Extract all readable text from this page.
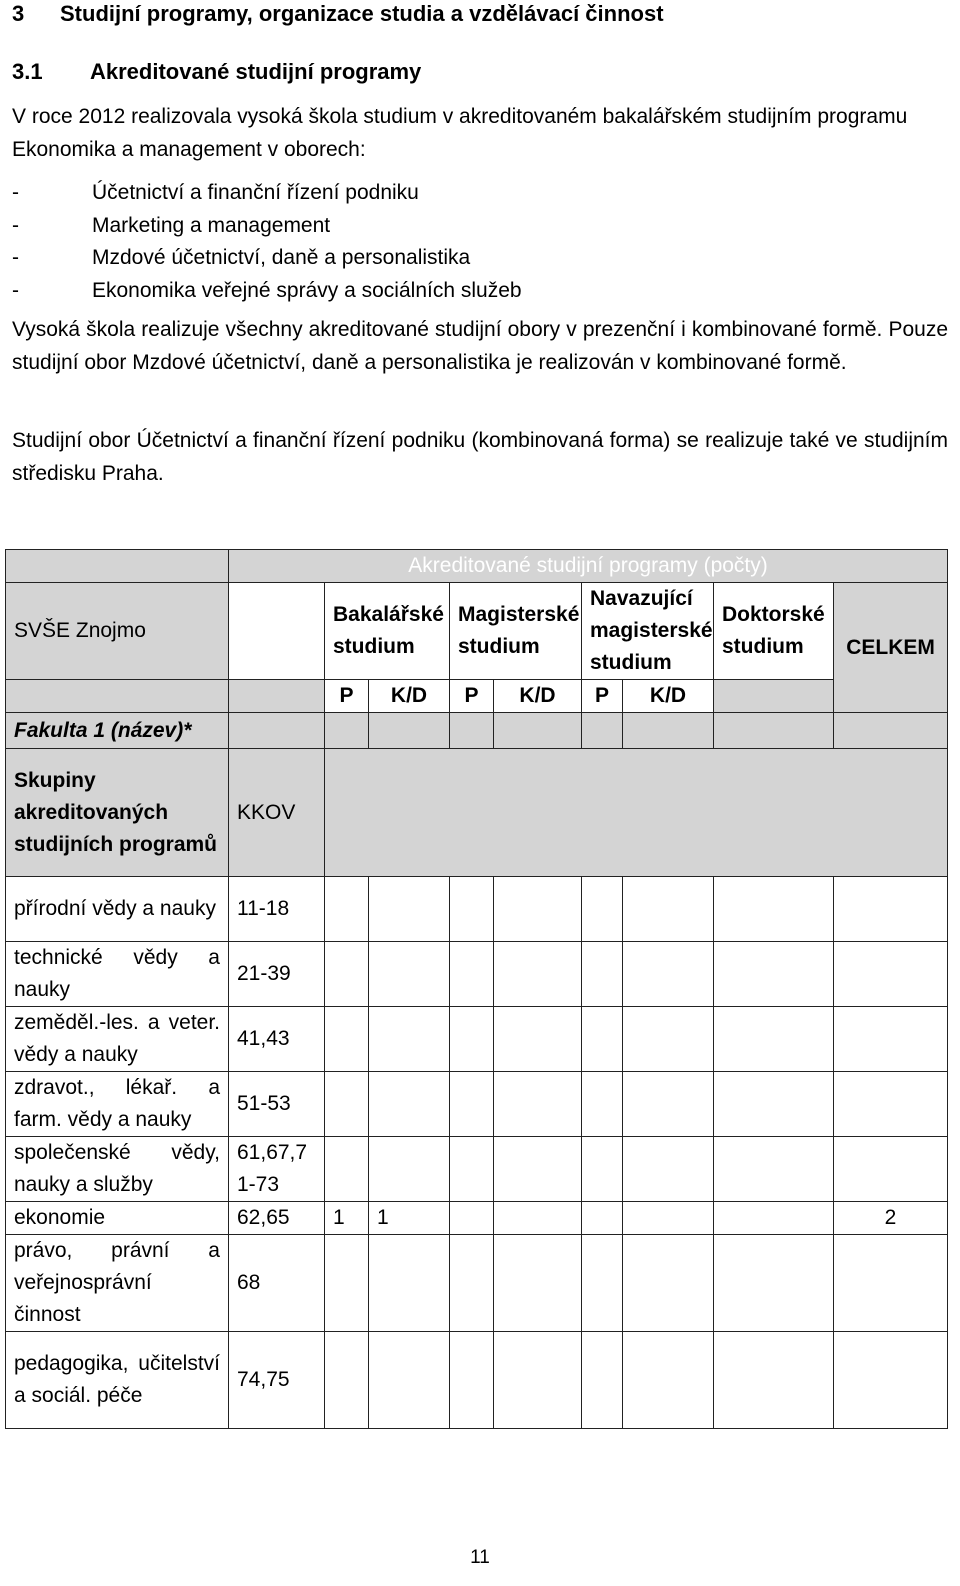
3 Studijní programy, organizace studia a vzdělávací činnost
3.1 Akreditované studijní programy

V roce 2012 realizovala vysoká škola studium v akreditovaném bakalářském studijním programu Ekonomika a management v oborech:

-	Účetnictví a finanční řízení podniku
-	Marketing a management
-	Mzdové účetnictví, daně a personalistika
-	Ekonomika veřejné správy a sociálních služeb

Vysoká škola realizuje všechny akreditované studijní obory v prezenční i kombinované formě. Pouze studijní obor Mzdové účetnictví, daně a personalistika je realizován v kombinované formě.

Studijní obor Účetnictví a finanční řízení podniku (kombinovaná forma) se realizuje také ve studijním středisku Praha.

	Akreditované studijní programy (počty)								
SVŠE Znojmo		Bakalářské studium		Magisterské studium		Navazující magisterské studium		Doktorské studium	CELKEM
		P	K/D	P	K/D	P	K/D		
Fakulta 1 (název)*									
Skupiny akreditovaných studijních programů	KKOV								
přírodní vědy a nauky	11-18								
technické vědy a nauky	21-39								
zeměděl.-les. a veter. vědy a nauky	41,43								
zdravot., lékař. a farm. vědy a nauky	51-53								
společenské vědy, nauky a služby	61,67,7 1-73								
ekonomie	62,65	1	1						2
právo, právní a veřejnosprávní činnost	68								
pedagogika, učitelství a sociál. péče	74,75								
11
